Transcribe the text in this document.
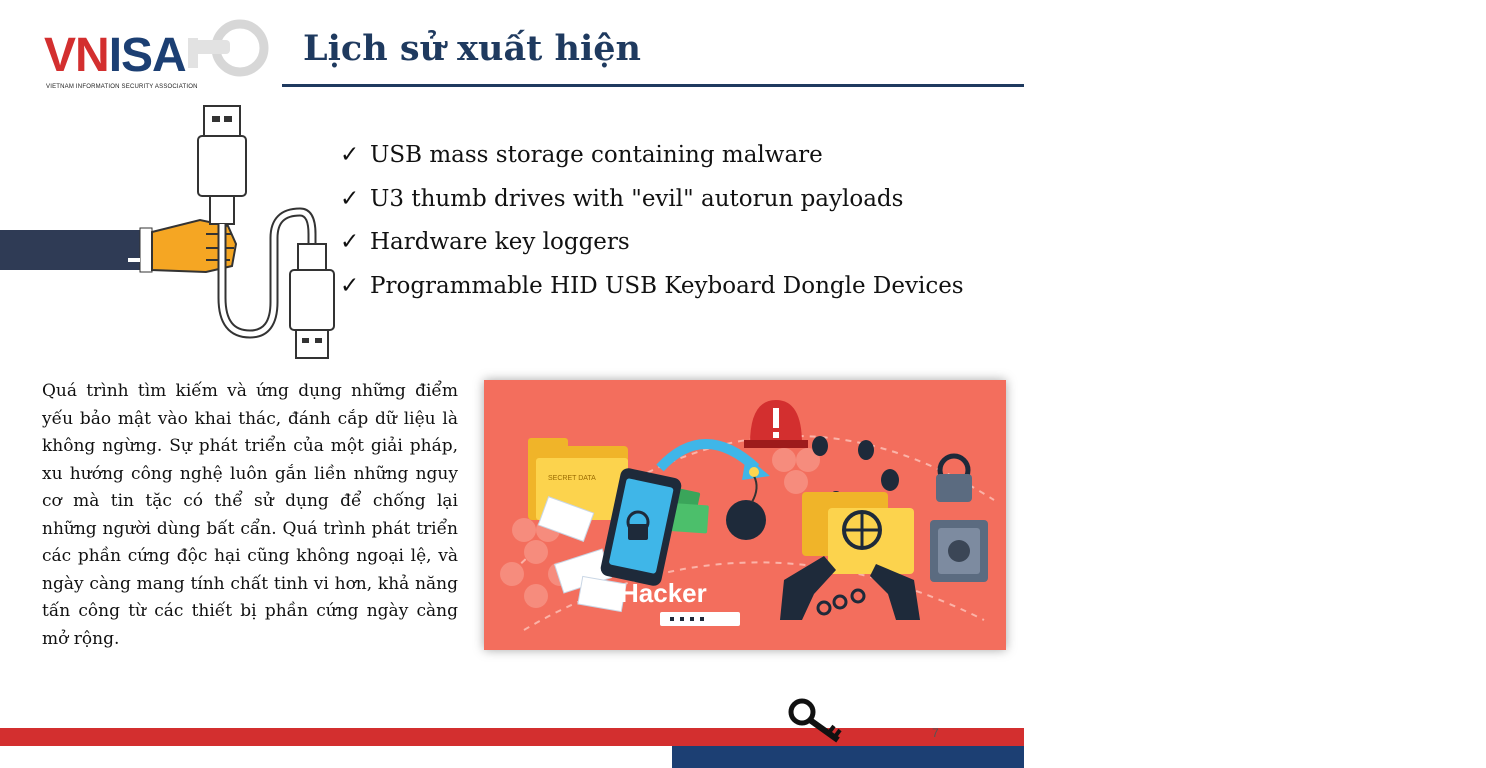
VNISA
VIETNAM INFORMATION SECURITY ASSOCIATION
Lịch sử xuất hiện
✓ USB mass storage containing malware
✓ U3 thumb drives with "evil" autorun payloads
✓ Hardware key loggers
✓ Programmable HID USB Keyboard Dongle Devices

Quá trình tìm kiếm và ứng dụng những điểm yếu bảo mật vào khai thác, đánh cắp dữ liệu là không ngừng. Sự phát triển của một giải pháp, xu hướng công nghệ luôn gắn liền những nguy cơ mà tin tặc có thể sử dụng để chống lại những người dùng bất cẩn. Quá trình phát triển các phần cứng độc hại cũng không ngoại lệ, và ngày càng mang tính chất tinh vi hơn, khả năng tấn công từ các thiết bị phần cứng ngày càng mở rộng.

SECRET DATA
Hacker
AN TOÀN THÔNG TIN
7
